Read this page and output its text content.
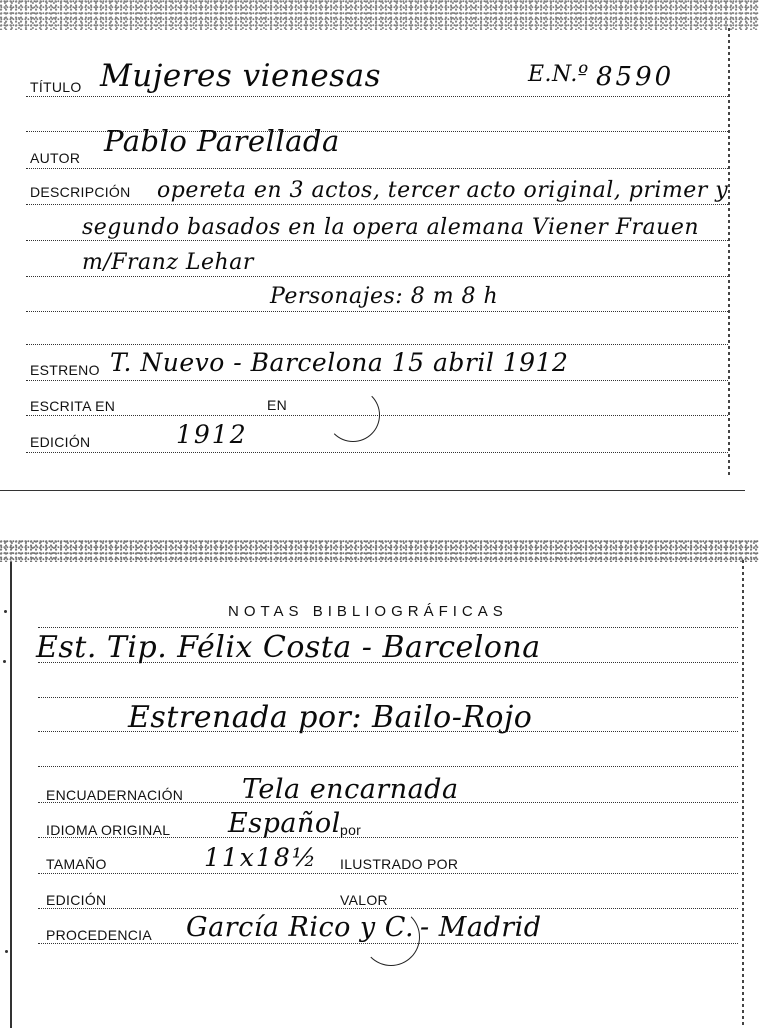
TÍTULO Mujeres vienesas	E.N.º 8590
AUTOR Pablo Parellada
DESCRIPCIÓN opereta en 3 actos, tercer acto original, primer y
segundo basados en la opera alemana Viener Frauen
m/Franz Lehar
Personajes: 8 m 8 h
ESTRENO T. Nuevo - Barcelona 15 abril 1912
ESCRITA EN	EN
EDICIÓN	1912
NOTAS BIBLIOGRÁFICAS
Est. Tip. Félix Costa - Barcelona
Estrenada por: Bailo-Rojo
ENCUADERNACIÓN Tela encarnada
IDIOMA ORIGINAL Español por
TAMAÑO	11x18½ ILUSTRADO POR
EDICIÓN	VALOR
PROCEDENCIA García Rico y C. - Madrid
